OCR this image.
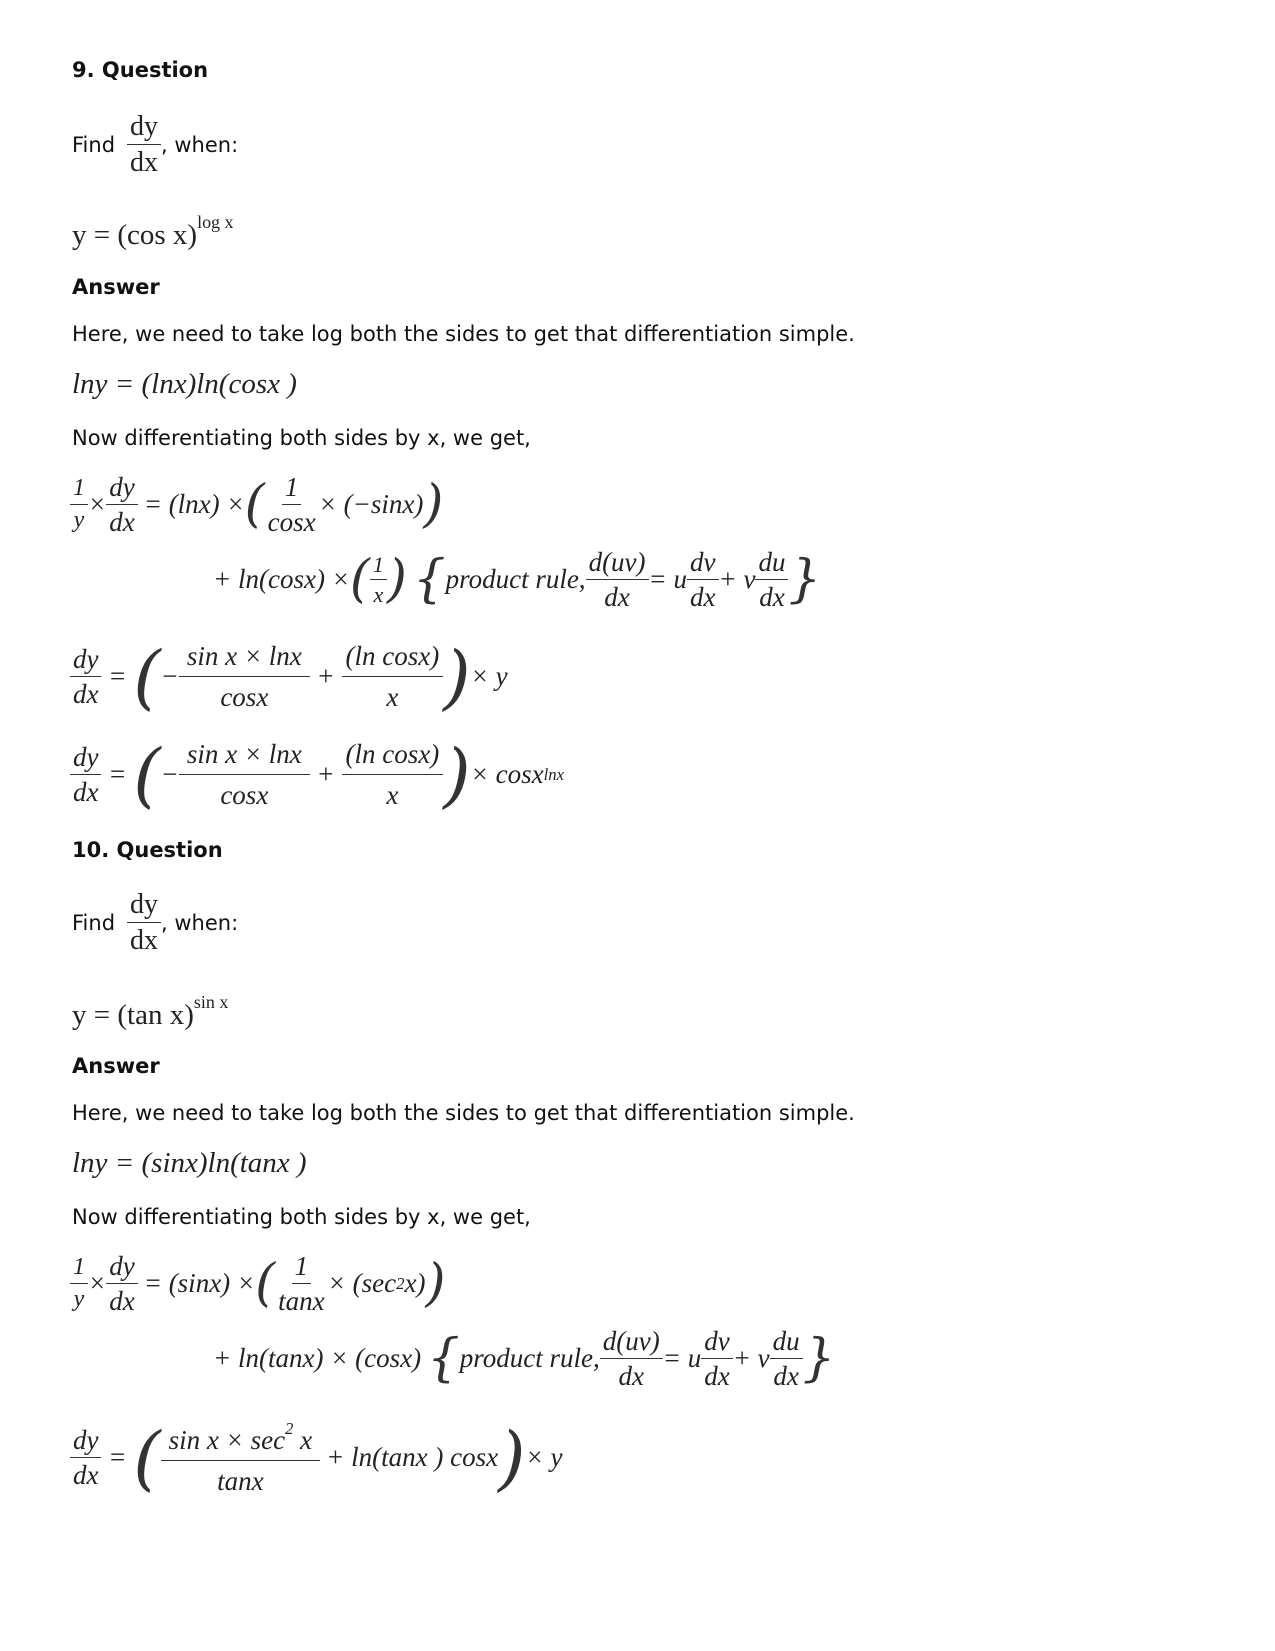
9. Question
Find $\frac{dy}{dx}$ , when:
y = (cos x)$^{log x}$
Answer
Here, we need to take log both the sides to get that differentiation simple.
lny = (lnx)ln(cosx )
Now differentiating both sides by x, we get,
$\frac{1}{y} \times \frac{dy}{dx} = (\ln x)$ × ( $\frac{1}{\cos x} \times (-\sin x)$ )
+ ln(cosx) × ( $\frac{1}{x}$ ) { product rule, $\frac{d(uv)}{dx} = u \frac{dv}{dx} + v \frac{du}{dx}$ }
$\frac{dy}{dx}$ = ( − $\frac{\text{sin x × lnx}}{\cos x} + \frac{\text{(ln cosx)}}{x}$ ) × y
$\frac{dy}{dx}$ = ( − $\frac{\text{sin x × lnx}}{\cos x} + \frac{\text{(ln cosx)}}{x}$ ) × cosx lnx
10. Question
Find $\frac{dy}{dx}$ , when:
y = (tan x)$^{sin x}$
Answer
Here, we need to take log both the sides to get that differentiation simple.
lny = (sinx)ln(tanx )
Now differentiating both sides by x, we get,
$\frac{1}{y} \times \frac{dy}{dx} = (\sin x)$ × ( $\frac{1}{\tan x} \times (\sec$ 2 x) )
+ ln(tanx) × (cosx) { product rule, $\frac{d(uv)}{dx} = u \frac{dv}{dx} + v \frac{du}{dx}$ }
$\frac{dy}{dx}$ = ( $\frac{\sin x \times \sec^2 x}{\tan x} + \ln(\tan x$ ) cosx ) × y
